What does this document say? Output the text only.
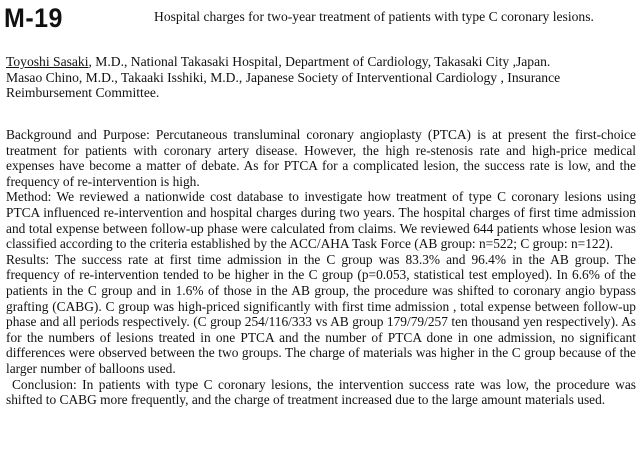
M-19	Hospital charges for two-year treatment of patients with type C coronary lesions.
Toyoshi Sasaki, M.D., National Takasaki Hospital, Department of Cardiology, Takasaki City ,Japan.
Masao Chino, M.D., Takaaki Isshiki, M.D., Japanese Society of Interventional Cardiology , Insurance Reimbursement Committee.

Background and Purpose: Percutaneous transluminal coronary angioplasty (PTCA) is at present the first-choice treatment for patients with coronary artery disease. However, the high re-stenosis rate and high-price medical expenses have become a matter of debate. As for PTCA for a complicated lesion, the success rate is low, and the frequency of re-intervention is high.

Method: We reviewed a nationwide cost database to investigate how treatment of type C coronary lesions using PTCA influenced re-intervention and hospital charges during two years. The hospital charges of first time admission and total expense between follow-up phase were calculated from claims. We reviewed 644 patients whose lesion was classified according to the criteria established by the ACC/AHA Task Force (AB group: n=522; C group: n=122).

Results: The success rate at first time admission in the C group was 83.3% and 96.4% in the AB group. The frequency of re-intervention tended to be higher in the C group (p=0.053, statistical test employed). In 6.6% of the patients in the C group and in 1.6% of those in the AB group, the procedure was shifted to coronary angio bypass grafting (CABG). C group was high-priced significantly with first time admission , total expense between follow-up phase and all periods respectively. (C group 254/116/333 vs AB group 179/79/257 ten thousand yen respectively). As for the numbers of lesions treated in one PTCA and the number of PTCA done in one admission, no significant differences were observed between the two groups. The charge of materials was higher in the C group because of the larger number of balloons used.

Conclusion: In patients with type C coronary lesions, the intervention success rate was low, the procedure was shifted to CABG more frequently, and the charge of treatment increased due to the large amount materials used.
